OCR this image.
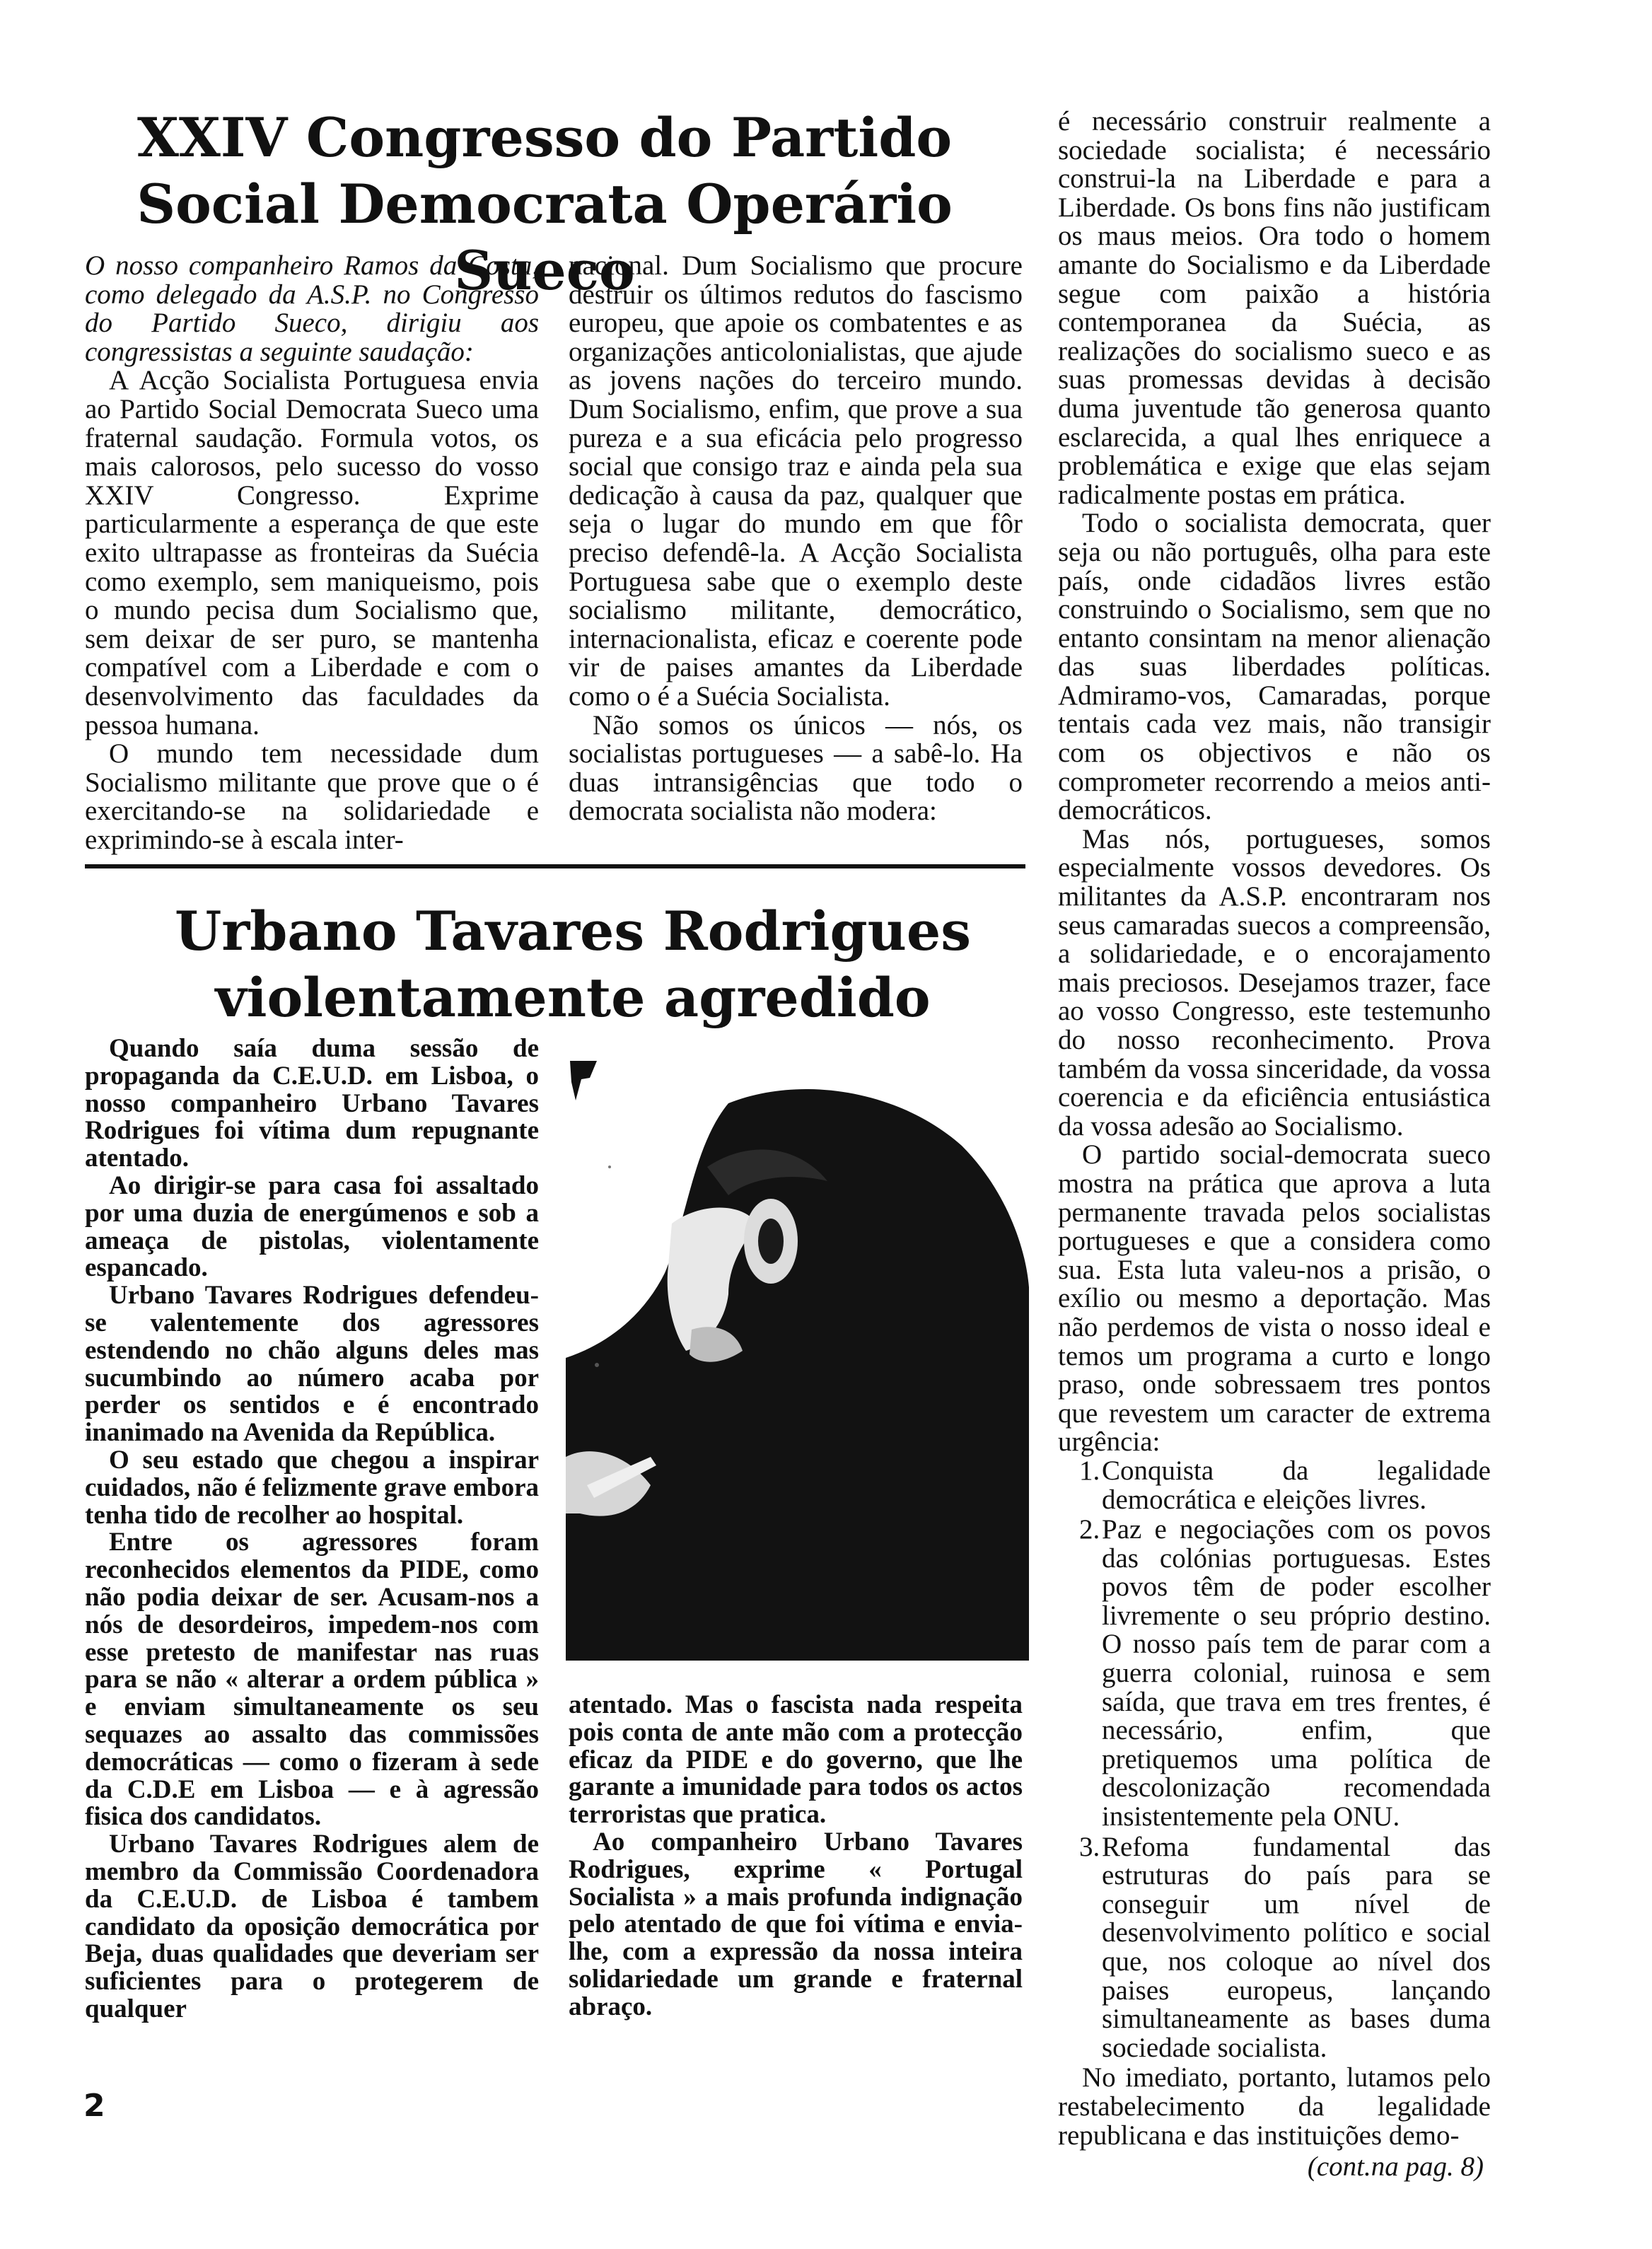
XXIV Congresso do Partido Social Democrata Operário Sueco

O nosso companheiro Ramos da Costa, como delegado da A.S.P. no Congresso do Partido Sueco, dirigiu aos congressistas a seguinte saudação:

A Acção Socialista Portuguesa envia ao Partido Social Democrata Sueco uma fraternal saudação. Formula votos, os mais calorosos, pelo sucesso do vosso XXIV Congresso. Exprime particularmente a esperança de que este exito ultrapasse as fronteiras da Suécia como exemplo, sem maniqueismo, pois o mundo pecisa dum Socialismo que, sem deixar de ser puro, se mantenha compatível com a Liberdade e com o desenvolvimento das faculdades da pessoa humana.

O mundo tem necessidade dum Socialismo militante que prove que o é exercitando-se na solidariedade e exprimindo-se à escala inter-

nacional. Dum Socialismo que procure destruir os últimos redutos do fascismo europeu, que apoie os combatentes e as organizações anticolonialistas, que ajude as jovens nações do terceiro mundo. Dum Socialismo, enfim, que prove a sua pureza e a sua eficácia pelo progresso social que consigo traz e ainda pela sua dedicação à causa da paz, qualquer que seja o lugar do mundo em que fôr preciso defendê-la. A Acção Socialista Portuguesa sabe que o exemplo deste socialismo militante, democrático, internacionalista, eficaz e coerente pode vir de paises amantes da Liberdade como o é a Suécia Socialista.

Não somos os únicos — nós, os socialistas portugueses — a sabê-lo. Ha duas intransigências que todo o democrata socialista não modera:

é necessário construir realmente a sociedade socialista; é necessário construi-la na Liberdade e para a Liberdade. Os bons fins não justificam os maus meios. Ora todo o homem amante do Socialismo e da Liberdade segue com paixão a história contemporanea da Suécia, as realizações do socialismo sueco e as suas promessas devidas à decisão duma juventude tão generosa quanto esclarecida, a qual lhes enriquece a problemática e exige que elas sejam radicalmente postas em prática.

Todo o socialista democrata, quer seja ou não português, olha para este país, onde cidadãos livres estão construindo o Socialismo, sem que no entanto consintam na menor alienação das suas liberdades políticas. Admiramo-vos, Camaradas, porque tentais cada vez mais, não transigir com os objectivos e não os comprometer recorrendo a meios anti-democráticos.

Mas nós, portugueses, somos especialmente vossos devedores. Os militantes da A.S.P. encontraram nos seus camaradas suecos a compreensão, a solidariedade, e o encorajamento mais preciosos. Desejamos trazer, face ao vosso Congresso, este testemunho do nosso reconhecimento. Prova também da vossa sinceridade, da vossa coerencia e da eficiência entusiástica da vossa adesão ao Socialismo.

O partido social-democrata sueco mostra na prática que aprova a luta permanente travada pelos socialistas portugueses e que a considera como sua. Esta luta valeu-nos a prisão, o exílio ou mesmo a deportação. Mas não perdemos de vista o nosso ideal e temos um programa a curto e longo praso, onde sobressaem tres pontos que revestem um caracter de extrema urgência:

1. Conquista da legalidade democrática e eleições livres.
2. Paz e negociações com os povos das colónias portuguesas. Estes povos têm de poder escolher livremente o seu próprio destino. O nosso país tem de parar com a guerra colonial, ruinosa e sem saída, que trava em tres frentes, é necessário, enfim, que pretiquemos uma política de descolonização recomendada insistentemente pela ONU.
3. Refoma fundamental das estruturas do país para se conseguir um nível de desenvolvimento político e social que, nos coloque ao nível dos paises europeus, lançando simultaneamente as bases duma sociedade socialista.

No imediato, portanto, lutamos pelo restabelecimento da legalidade republicana e das instituições demo-

(cont.na pag. 8)
Urbano Tavares Rodrigues violentamente agredido

Quando saía duma sessão de propaganda da C.E.U.D. em Lisboa, o nosso companheiro Urbano Tavares Rodrigues foi vítima dum repugnante atentado.

Ao dirigir-se para casa foi assaltado por uma duzia de energúmenos e sob a ameaça de pistolas, violentamente espancado.

Urbano Tavares Rodrigues defendeu-se valentemente dos agressores estendendo no chão alguns deles mas sucumbindo ao número acaba por perder os sentidos e é encontrado inanimado na Avenida da República.

O seu estado que chegou a inspirar cuidados, não é felizmente grave embora tenha tido de recolher ao hospital.

Entre os agressores foram reconhecidos elementos da PIDE, como não podia deixar de ser. Acusam-nos a nós de desordeiros, impedem-nos com esse pretesto de manifestar nas ruas para se não « alterar a ordem pública » e enviam simultaneamente os seu sequazes ao assalto das commissões democráticas — como o fizeram à sede da C.D.E em Lisboa — e à agressão fisica dos candidatos.

Urbano Tavares Rodrigues alem de membro da Commissão Coordenadora da C.E.U.D. de Lisboa é tambem candidato da oposição democrática por Beja, duas qualidades que deveriam ser suficientes para o protegerem de qualquer

atentado. Mas o fascista nada respeita pois conta de ante mão com a protecção eficaz da PIDE e do governo, que lhe garante a imunidade para todos os actos terroristas que pratica.

Ao companheiro Urbano Tavares Rodrigues, exprime « Portugal Socialista » a mais profunda indignação pelo atentado de que foi vítima e envia-lhe, com a expressão da nossa inteira solidariedade um grande e fraternal abraço.

2
